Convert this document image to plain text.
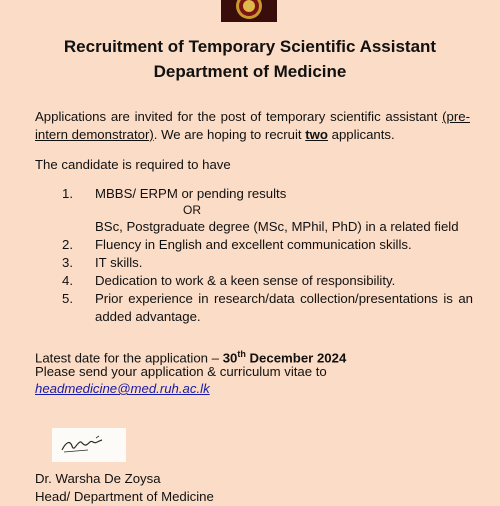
Recruitment of Temporary Scientific Assistant
Department of Medicine
Applications are invited for the post of temporary scientific assistant (pre-intern demonstrator). We are hoping to recruit two applicants.
The candidate is required to have
1.	MBBS/ ERPM or pending results
OR
BSc, Postgraduate degree (MSc, MPhil, PhD) in a related field
2.	Fluency in English and excellent communication skills.
3.	IT skills.
4.	Dedication to work & a keen sense of responsibility.
5.	Prior experience in research/data collection/presentations is an added advantage.
Latest date for the application – 30th December 2024
Please send your application & curriculum vitae to
headmedicine@med.ruh.ac.lk
Dr. Warsha De Zoysa
Head/ Department of Medicine
